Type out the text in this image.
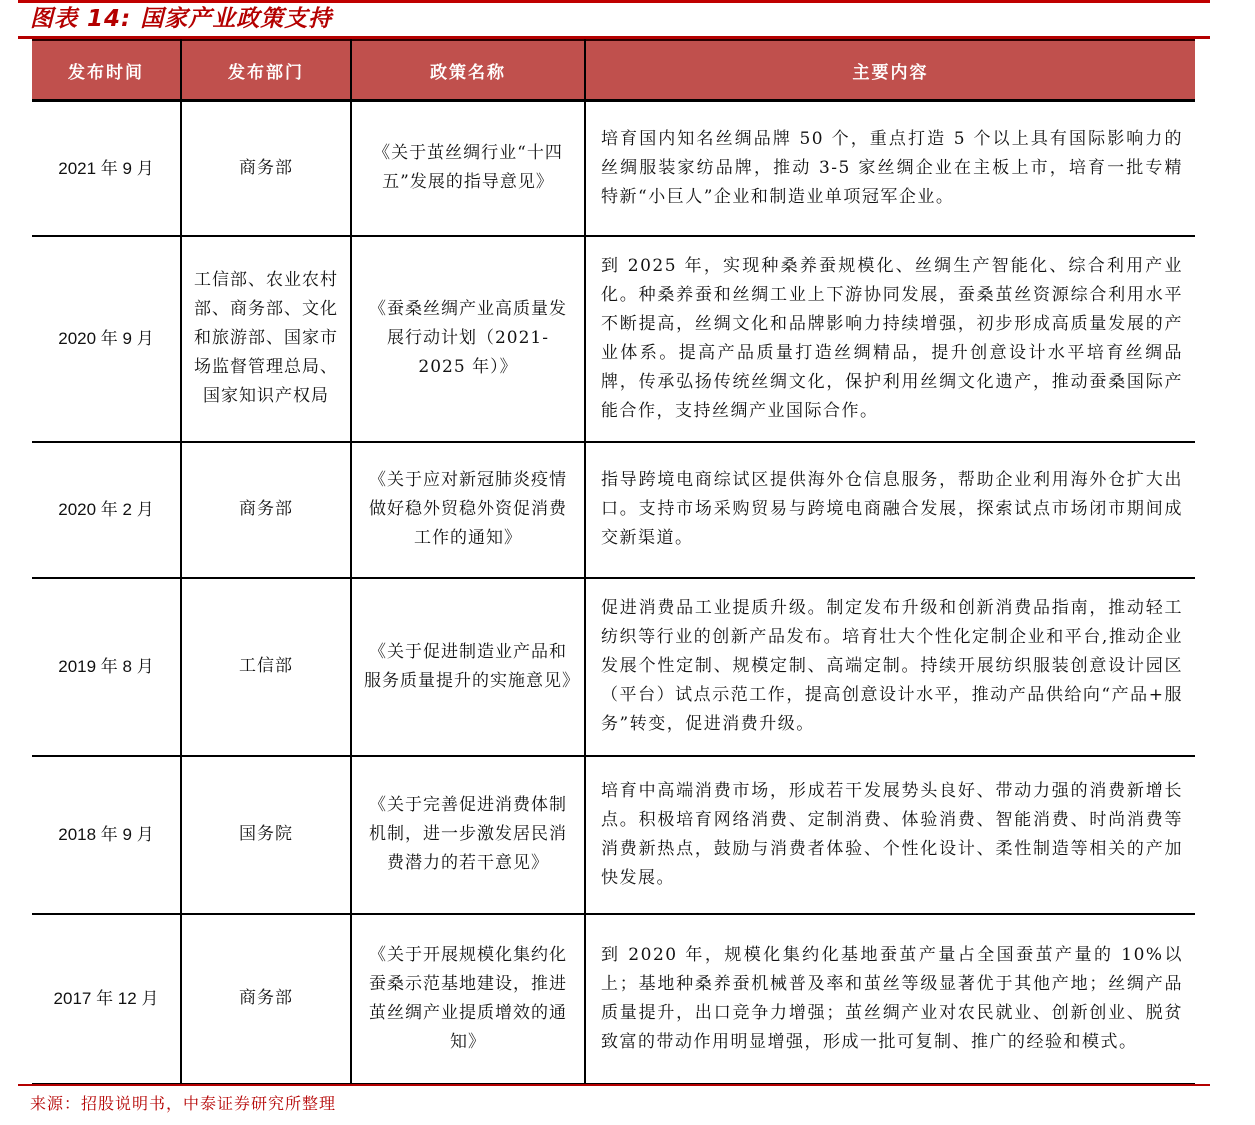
图表 14: 国家产业政策支持
发布时间	发布部门	政策名称	主要内容
2021 年 9 月	商务部	《关于茧丝绸行业“十四五”发展的指导意见》	培育国内知名丝绸品牌 50 个，重点打造 5 个以上具有国际影响力的丝绸服装家纺品牌，推动 3-5 家丝绸企业在主板上市，培育一批专精特新“小巨人”企业和制造业单项冠军企业。
2020 年 9 月	工信部、农业农村部、商务部、文化和旅游部、国家市场监督管理总局、国家知识产权局	《蚕桑丝绸产业高质量发展行动计划（2021-2025 年）》	到 2025 年，实现种桑养蚕规模化、丝绸生产智能化、综合利用产业化。种桑养蚕和丝绸工业上下游协同发展，蚕桑茧丝资源综合利用水平不断提高，丝绸文化和品牌影响力持续增强，初步形成高质量发展的产业体系。提高产品质量打造丝绸精品，提升创意设计水平培育丝绸品牌，传承弘扬传统丝绸文化，保护利用丝绸文化遗产，推动蚕桑国际产能合作，支持丝绸产业国际合作。
2020 年 2 月	商务部	《关于应对新冠肺炎疫情做好稳外贸稳外资促消费工作的通知》	指导跨境电商综试区提供海外仓信息服务，帮助企业利用海外仓扩大出口。支持市场采购贸易与跨境电商融合发展，探索试点市场闭市期间成交新渠道。
2019 年 8 月	工信部	《关于促进制造业产品和服务质量提升的实施意见》	促进消费品工业提质升级。制定发布升级和创新消费品指南，推动轻工纺织等行业的创新产品发布。培育壮大个性化定制企业和平台,推动企业发展个性定制、规模定制、高端定制。持续开展纺织服装创意设计园区（平台）试点示范工作，提高创意设计水平，推动产品供给向“产品+服务”转变，促进消费升级。
2018 年 9 月	国务院	《关于完善促进消费体制机制，进一步激发居民消费潜力的若干意见》	培育中高端消费市场，形成若干发展势头良好、带动力强的消费新增长点。积极培育网络消费、定制消费、体验消费、智能消费、时尚消费等消费新热点，鼓励与消费者体验、个性化设计、柔性制造等相关的产加快发展。
2017 年 12 月	商务部	《关于开展规模化集约化蚕桑示范基地建设，推进茧丝绸产业提质增效的通知》	到 2020 年，规模化集约化基地蚕茧产量占全国蚕茧产量的 10%以上；基地种桑养蚕机械普及率和茧丝等级显著优于其他产地；丝绸产品质量提升，出口竞争力增强；茧丝绸产业对农民就业、创新创业、脱贫致富的带动作用明显增强，形成一批可复制、推广的经验和模式。
来源：招股说明书，中泰证券研究所整理
